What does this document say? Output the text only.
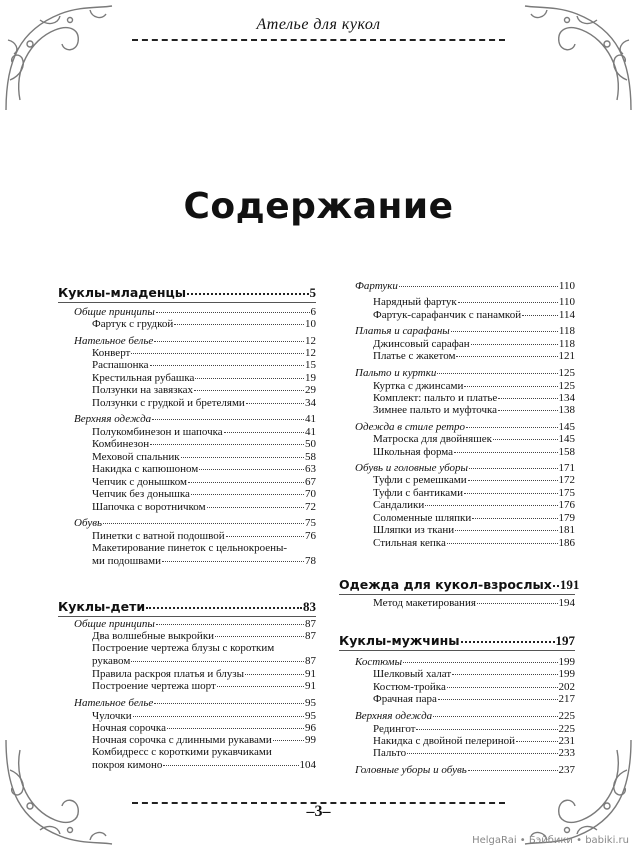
Ателье для кукол
Содержание
Куклы-младенцы	5
Общие принципы	6
Фартук с грудкой	10
Нательное белье	12
Конверт	12
Распашонка	15
Крестильная рубашка	19
Ползунки на завязках	29
Ползунки с грудкой и бретелями	34
Верхняя одежда	41
Полукомбинезон и шапочка	41
Комбинезон	50
Меховой спальник	58
Накидка с капюшоном	63
Чепчик с донышком	67
Чепчик без донышка	70
Шапочка с воротничком	72
Обувь	75
Пинетки с ватной подошвой	76
Макетирование пинеток с цельнокроены-
ми подошвами	78
Куклы-дети	83
Общие принципы	87
Два волшебные выкройки	87
Построение чертежа блузы с коротким
рукавом	87
Правила раскроя платья и блузы	91
Построение чертежа шорт	91
Нательное белье	95
Чулочки	95
Ночная сорочка	96
Ночная сорочка с длинными рукавами	99
Комбидресс с короткими рукавчиками
покроя кимоно	104
Фартуки	110
Нарядный фартук	110
Фартук-сарафанчик с панамкой	114
Платья и сарафаны	118
Джинсовый сарафан	118
Платье с жакетом	121
Пальто и куртки	125
Куртка с джинсами	125
Комплект: пальто и платье	134
Зимнее пальто и муфточка	138
Одежда в стиле ретро	145
Матроска для двойняшек	145
Школьная форма	158
Обувь и головные уборы	171
Туфли с ремешками	172
Туфли с бантиками	175
Сандалики	176
Соломенные шляпки	179
Шляпки из ткани	181
Стильная кепка	186
Одежда для кукол-взрослых 191
Метод макетирования	194
Куклы-мужчины	197
Костюмы	199
Шелковый халат	199
Костюм-тройка	202
Фрачная пара	217
Верхняя одежда	225
Редингот	225
Накидка с двойной пелериной	231
Пальто	233
Головные уборы и обувь	237
–3–
HelgaRai • Бэйбики • babiki.ru
